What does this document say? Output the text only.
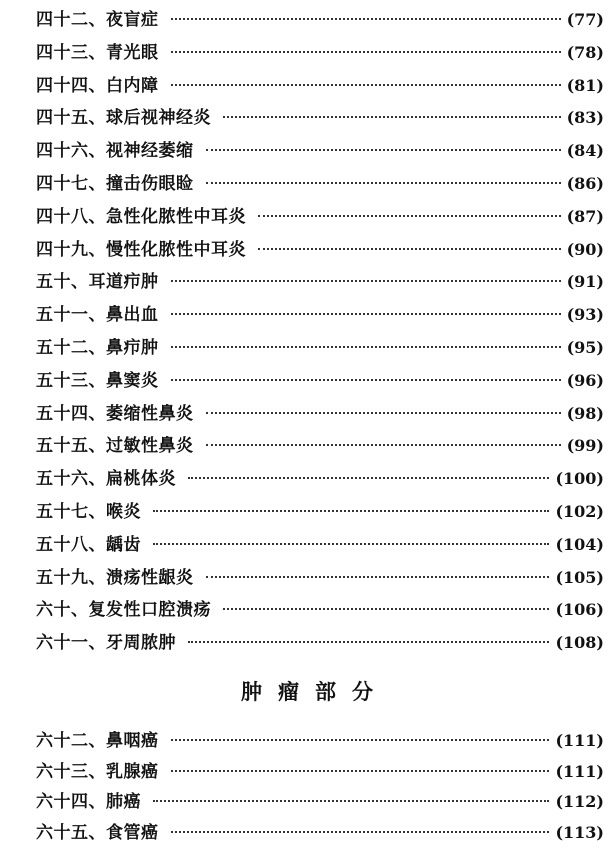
四十二、夜盲症	(77)
四十三、青光眼	(78)
四十四、白内障	(81)
四十五、球后视神经炎	(83)
四十六、视神经萎缩	(84)
四十七、撞击伤眼睑	(86)
四十八、急性化脓性中耳炎	(87)
四十九、慢性化脓性中耳炎	(90)
五十、耳道疖肿	(91)
五十一、鼻出血	(93)
五十二、鼻疖肿	(95)
五十三、鼻窦炎	(96)
五十四、萎缩性鼻炎	(98)
五十五、过敏性鼻炎	(99)
五十六、扁桃体炎	(100)
五十七、喉炎	(102)
五十八、龋齿	(104)
五十九、溃疡性龈炎	(105)
六十、复发性口腔溃疡	(106)
六十一、牙周脓肿	(108)
肿瘤部分
六十二、鼻咽癌	(111)
六十三、乳腺癌	(111)
六十四、肺癌	(112)
六十五、食管癌	(113)
